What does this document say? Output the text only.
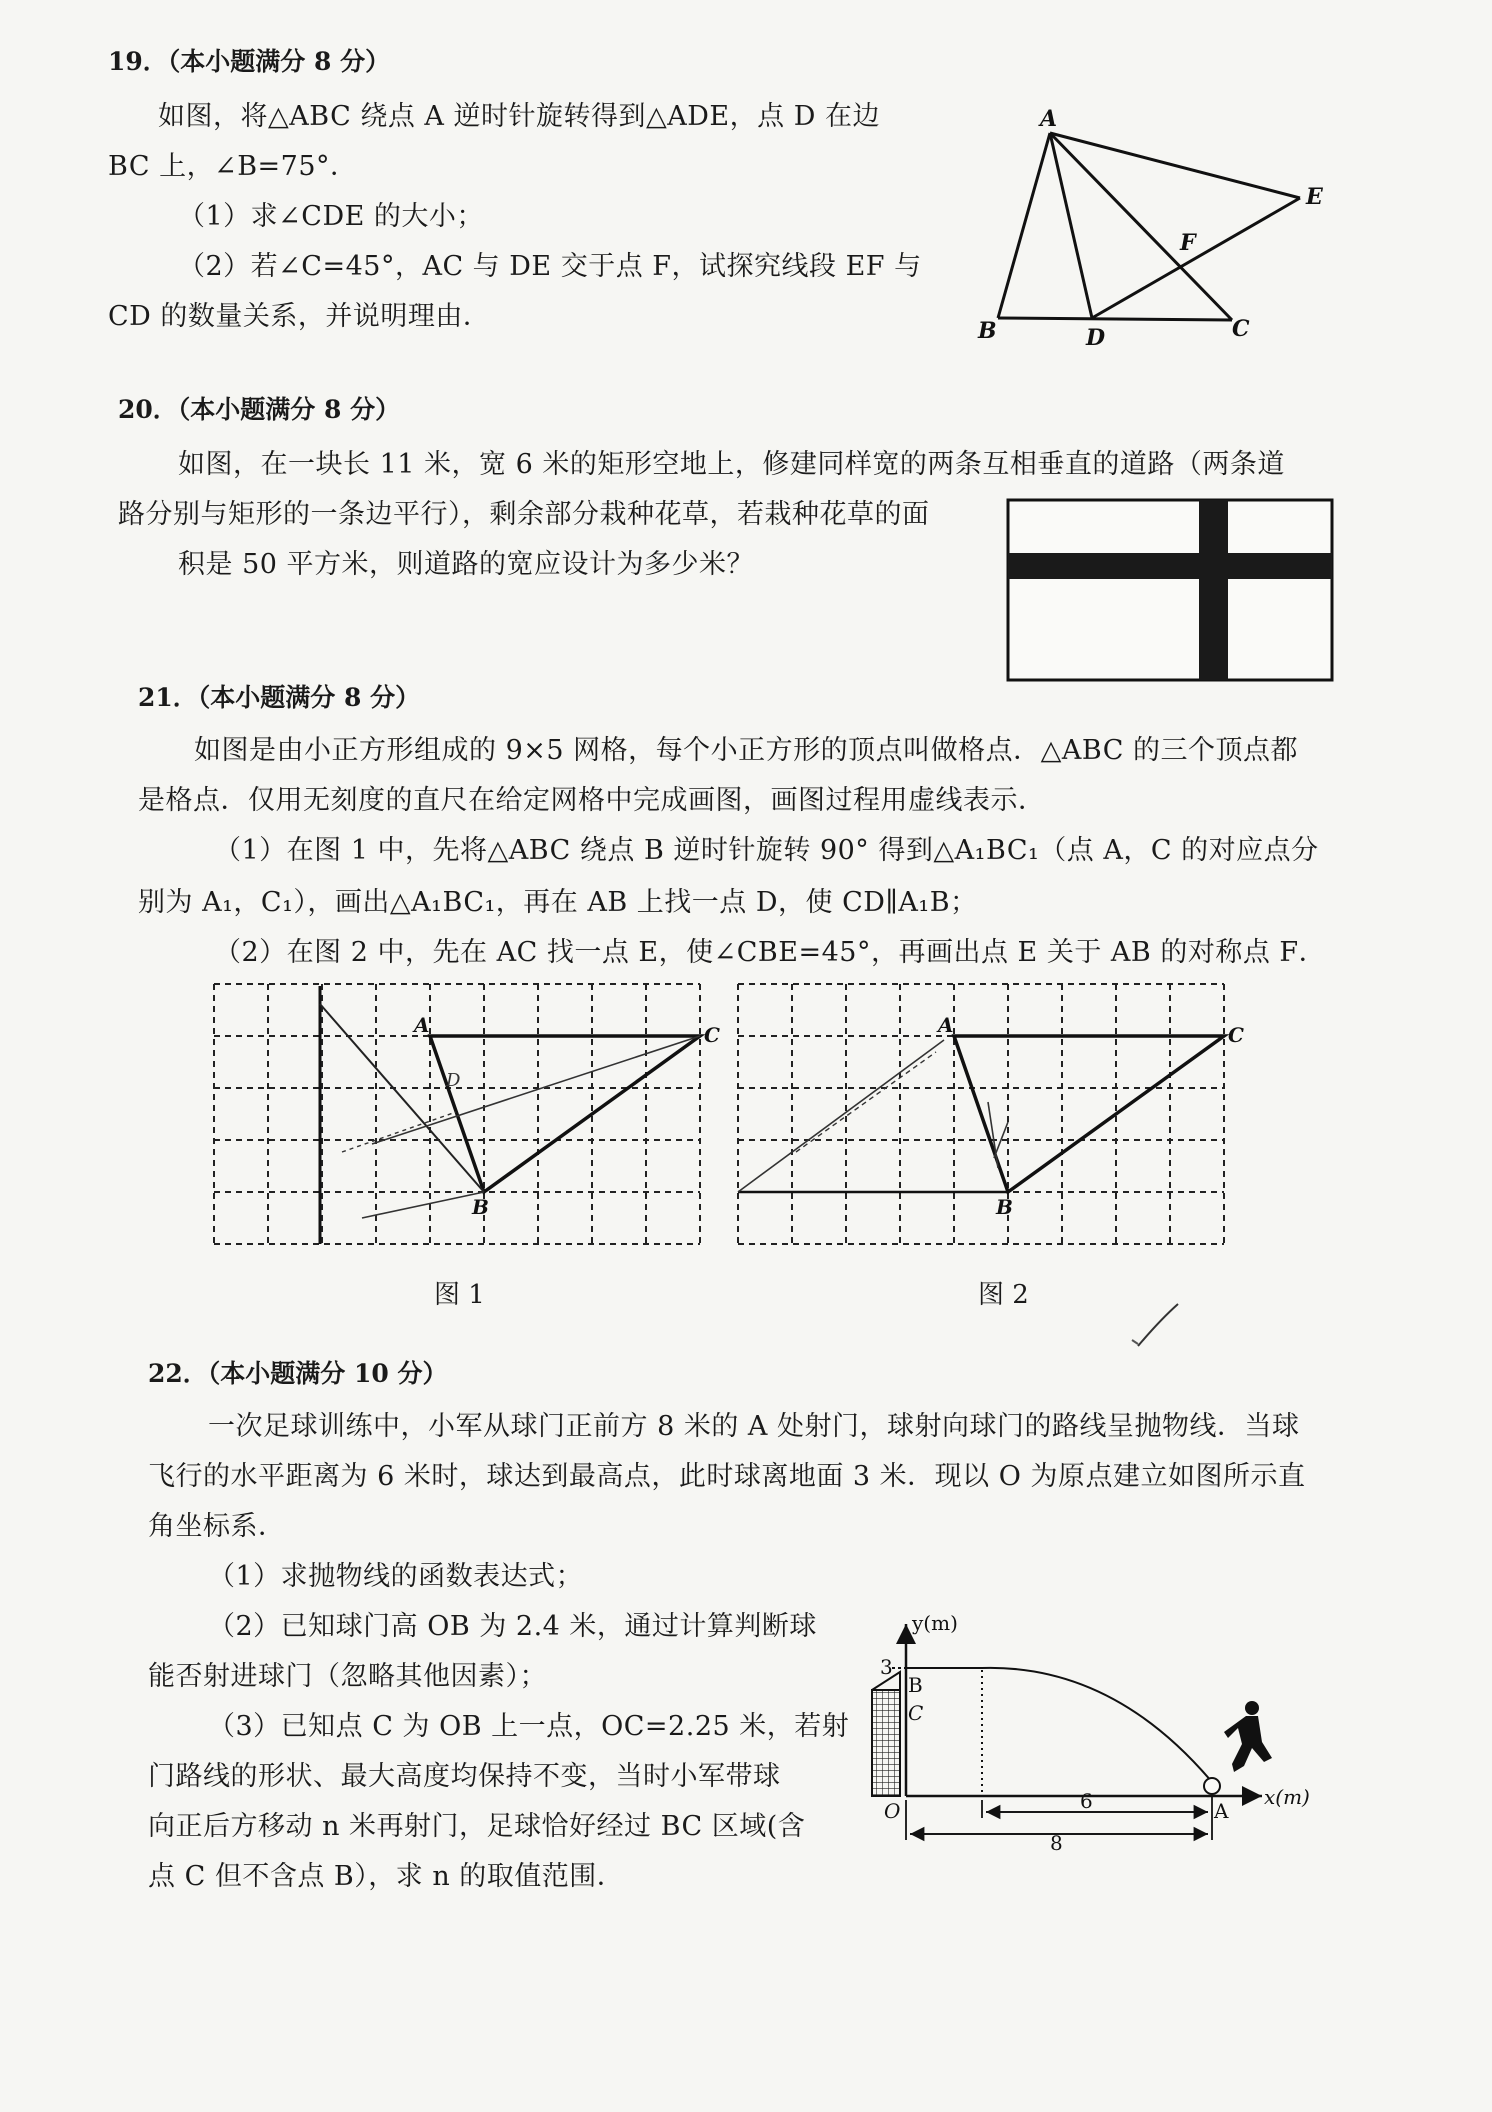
19．（本小题满分 8 分）
如图，将△ABC 绕点 A 逆时针旋转得到△ADE，点 D 在边
BC 上，∠B=75°．
（1）求∠CDE 的大小；
（2）若∠C=45°，AC 与 DE 交于点 F，试探究线段 EF 与
CD 的数量关系，并说明理由．
A
B	C
D
E
F
20．（本小题满分 8 分）
如图，在一块长 11 米，宽 6 米的矩形空地上，修建同样宽的两条互相垂直的道路（两条道
路分别与矩形的一条边平行），剩余部分栽种花草，若栽种花草的面
积是 50 平方米，则道路的宽应设计为多少米？
21．（本小题满分 8 分）
如图是由小正方形组成的 9×5 网格，每个小正方形的顶点叫做格点．△ABC 的三个顶点都
是格点．仅用无刻度的直尺在给定网格中完成画图，画图过程用虚线表示．
（1）在图 1 中，先将△ABC 绕点 B 逆时针旋转 90° 得到△A₁BC₁（点 A，C 的对应点分
别为 A₁，C₁），画出△A₁BC₁，再在 AB 上找一点 D，使 CD∥A₁B；
（2）在图 2 中，先在 AC 找一点 E，使∠CBE=45°，再画出点 E 关于 AB 的对称点 F．
A
B
C
D
A
B
C
图 1	图 2
22．（本小题满分 10 分）
一次足球训练中，小军从球门正前方 8 米的 A 处射门，球射向球门的路线呈抛物线．当球
飞行的水平距离为 6 米时，球达到最高点，此时球离地面 3 米．现以 O 为原点建立如图所示直
角坐标系．
（1）求抛物线的函数表达式；
（2）已知球门高 OB 为 2.4 米，通过计算判断球
能否射进球门（忽略其他因素）；
（3）已知点 C 为 OB 上一点，OC=2.25 米，若射
门路线的形状、最大高度均保持不变，当时小军带球
向正后方移动 n 米再射门，足球恰好经过 BC 区域(含
点 C 但不含点 B），求 n 的取值范围．
y(m)
x(m)
O	A
B
C
3
6
8
